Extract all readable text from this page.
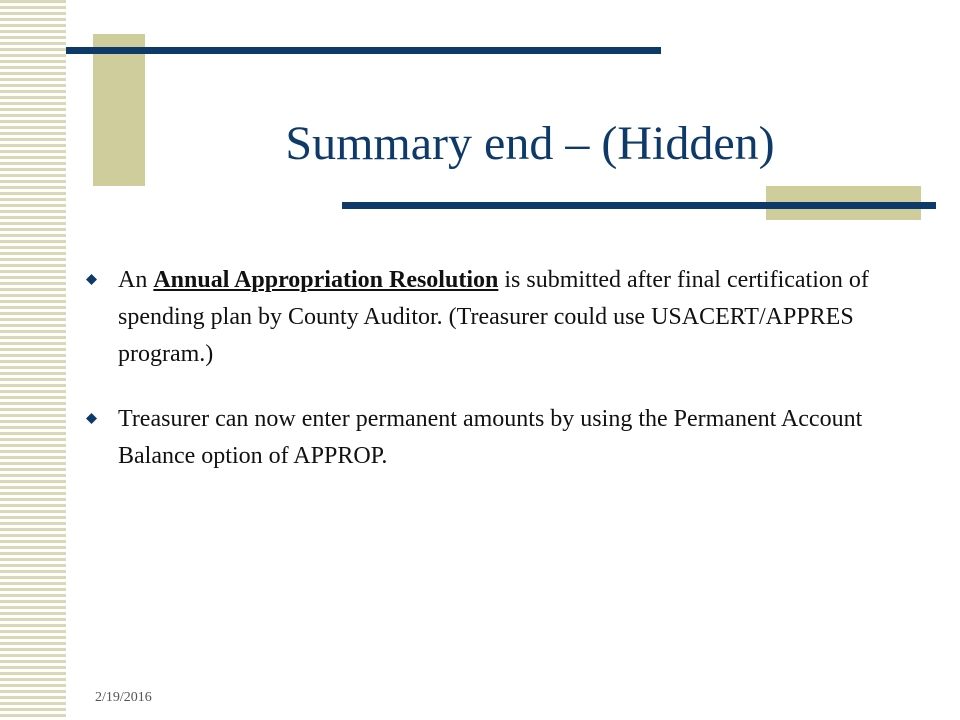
Summary end – (Hidden)
An Annual Appropriation Resolution is submitted after final certification of spending plan by County Auditor. (Treasurer could use USACERT/APPRES program.)
Treasurer can now enter permanent amounts by using the Permanent Account Balance option of APPROP.
2/19/2016
